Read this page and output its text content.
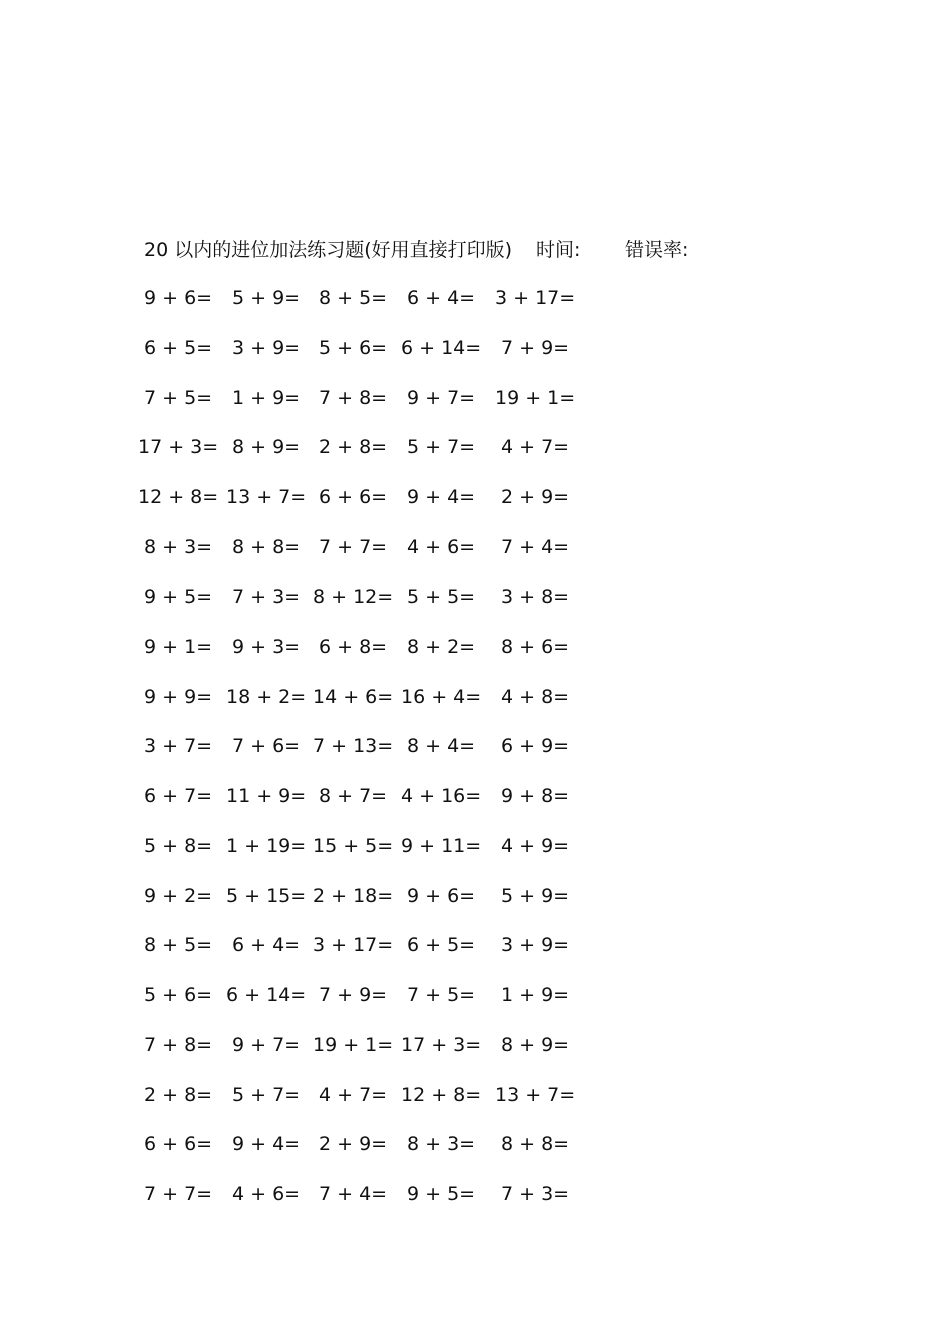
20 以内的进位加法练习题(好用直接打印版) 时间: 错误率:
9 + 6= 5 + 9= 8 + 5= 6 + 4= 3 + 17=
6 + 5= 3 + 9= 5 + 6= 6 + 14= 7 + 9=
7 + 5= 1 + 9= 7 + 8= 9 + 7= 19 + 1=
17 + 3= 8 + 9= 2 + 8= 5 + 7= 4 + 7=
12 + 8= 13 + 7= 6 + 6= 9 + 4= 2 + 9=
8 + 3= 8 + 8= 7 + 7= 4 + 6= 7 + 4=
9 + 5= 7 + 3= 8 + 12= 5 + 5= 3 + 8=
9 + 1= 9 + 3= 6 + 8= 8 + 2= 8 + 6=
9 + 9= 18 + 2= 14 + 6= 16 + 4= 4 + 8=
3 + 7= 7 + 6= 7 + 13= 8 + 4= 6 + 9=
6 + 7= 11 + 9= 8 + 7= 4 + 16= 9 + 8=
5 + 8= 1 + 19= 15 + 5= 9 + 11= 4 + 9=
9 + 2= 5 + 15= 2 + 18= 9 + 6= 5 + 9=
8 + 5= 6 + 4= 3 + 17= 6 + 5= 3 + 9=
5 + 6= 6 + 14= 7 + 9= 7 + 5= 1 + 9=
7 + 8= 9 + 7= 19 + 1= 17 + 3= 8 + 9=
2 + 8= 5 + 7= 4 + 7= 12 + 8= 13 + 7=
6 + 6= 9 + 4= 2 + 9= 8 + 3= 8 + 8=
7 + 7= 4 + 6= 7 + 4= 9 + 5= 7 + 3=
